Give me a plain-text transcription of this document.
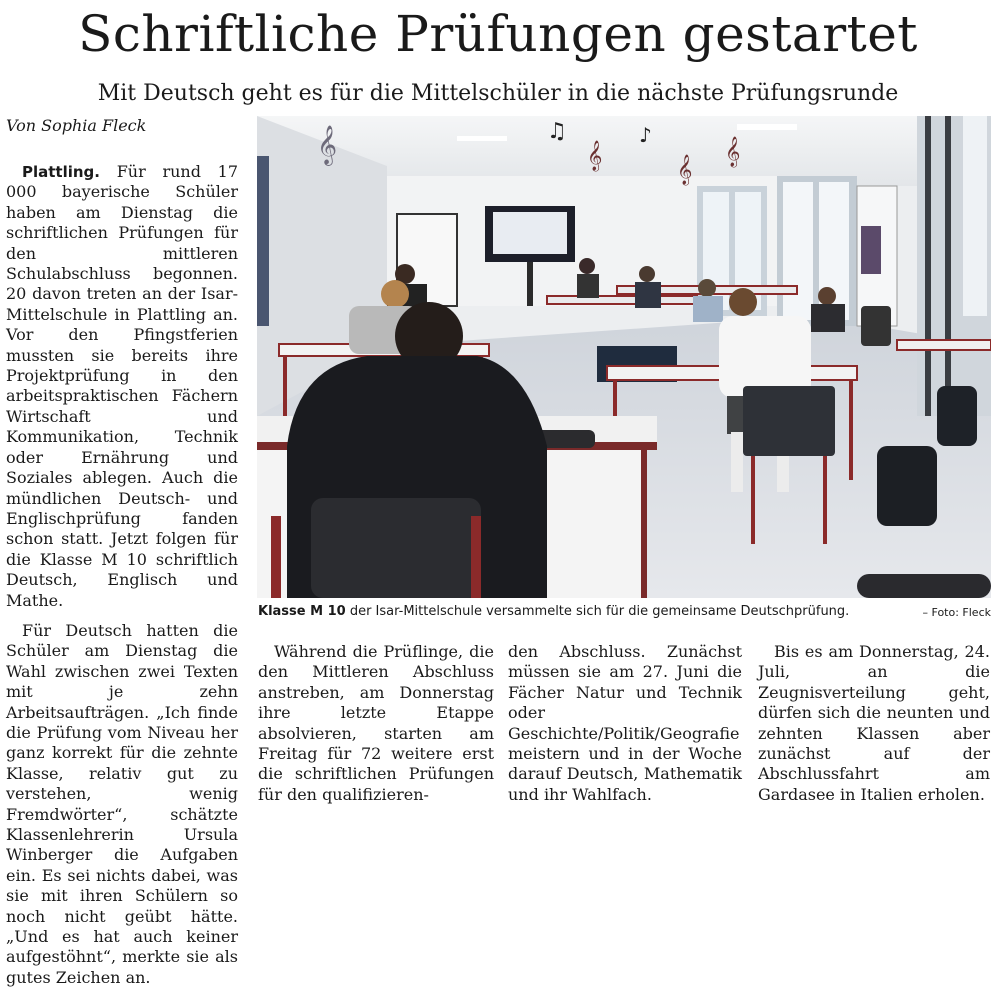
Schriftliche Prüfungen gestartet
Mit Deutsch geht es für die Mittelschüler in die nächste Prüfungsrunde
Von Sophia Fleck

Plattling. Für rund 17 000 bayerische Schüler haben am Dienstag die schriftlichen Prüfungen für den mittleren Schulabschluss begonnen. 20 davon treten an der Isar-Mittelschule in Plattling an. Vor den Pfingstferien mussten sie bereits ihre Projektprüfung in den arbeitspraktischen Fächern Wirtschaft und Kommunikation, Technik oder Ernährung und Soziales ablegen. Auch die mündlichen Deutsch- und Englischprüfung fanden schon statt. Jetzt folgen für die Klasse M 10 schriftlich Deutsch, Englisch und Mathe.

Für Deutsch hatten die Schüler am Dienstag die Wahl zwischen zwei Texten mit je zehn Arbeitsaufträgen. „Ich finde die Prüfung vom Niveau her ganz korrekt für die zehnte Klasse, relativ gut zu verstehen, wenig Fremdwörter“, schätzte Klassenlehrerin Ursula Winberger die Aufgaben ein. Es sei nichts dabei, was sie mit ihren Schülern so noch nicht geübt hätte. „Und es hat auch keiner aufgestöhnt“, merkte sie als gutes Zeichen an.

𝄞	𝄞	𝄞
𝄞
♫	♪
Klasse M 10 der Isar-Mittelschule versammelte sich für die gemeinsame Deutschprüfung.	– Foto: Fleck

Während die Prüflinge, die den Mittleren Abschluss anstreben, am Donnerstag ihre letzte Etappe absolvieren, starten am Freitag für 72 weitere erst die schriftlichen Prüfungen für den qualifizieren-

den Abschluss. Zunächst müssen sie am 27. Juni die Fächer Natur und Technik oder Geschichte/Politik/Geografie meistern und in der Woche darauf Deutsch, Mathematik und ihr Wahlfach.

Bis es am Donnerstag, 24. Juli, an die Zeugnisverteilung geht, dürfen sich die neunten und zehnten Klassen aber zunächst auf der Abschlussfahrt am Gardasee in Italien erholen.
